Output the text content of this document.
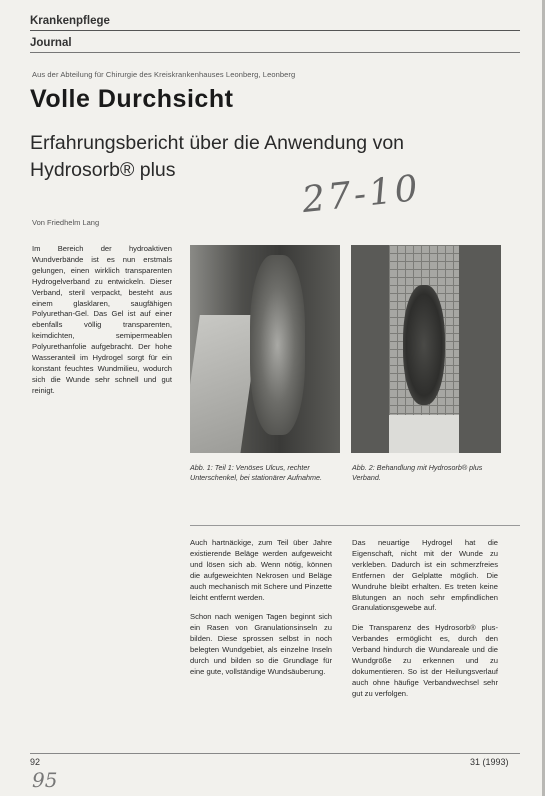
Krankenpflege
Journal
Aus der Abteilung für Chirurgie des Kreiskrankenhauses Leonberg, Leonberg
Volle Durchsicht
Erfahrungsbericht über die Anwendung von Hydrosorb® plus	27-10
Von Friedhelm Lang
Im Bereich der hydroaktiven Wundverbände ist es nun erstmals gelungen, einen wirklich transparenten Hydrogelverband zu entwickeln. Dieser Verband, steril verpackt, besteht aus einem glasklaren, saugfähigen Polyurethan-Gel. Das Gel ist auf einer ebenfalls völlig transparenten, keimdichten, semipermeablen Polyurethanfolie aufgebracht. Der hohe Wasseranteil im Hydrogel sorgt für ein konstant feuchtes Wundmilieu, wodurch sich die Wunde sehr schnell und gut reinigt.
Abb. 1: Teil 1: Venöses Ulcus, rechter Unterschenkel, bei stationärer Aufnahme.
Abb. 2: Behandlung mit Hydrosorb® plus Verband.

Auch hartnäckige, zum Teil über Jahre existierende Beläge werden aufgeweicht und lösen sich ab. Wenn nötig, können die aufgeweichten Nekrosen und Beläge auch mechanisch mit Schere und Pinzette leicht entfernt werden.

Schon nach wenigen Tagen beginnt sich ein Rasen von Granulationsinseln zu bilden. Diese sprossen selbst in noch belegten Wundgebiet, als einzelne Inseln durch und bilden so die Grundlage für eine gute, vollständige Wundsäuberung.

Das neuartige Hydrogel hat die Eigenschaft, nicht mit der Wunde zu verkleben. Dadurch ist ein schmerzfreies Entfernen der Gelplatte möglich. Die Wundruhe bleibt erhalten. Es treten keine Blutungen an noch sehr empfindlichen Granulationsgewebe auf.

Die Transparenz des Hydrosorb® plus-Verbandes ermöglicht es, durch den Verband hindurch die Wundareale und die Wundgröße zu erkennen und zu dokumentieren. So ist der Heilungsverlauf auch ohne häufige Verbandwechsel sehr gut zu verfolgen.

92	31 (1993)
95
